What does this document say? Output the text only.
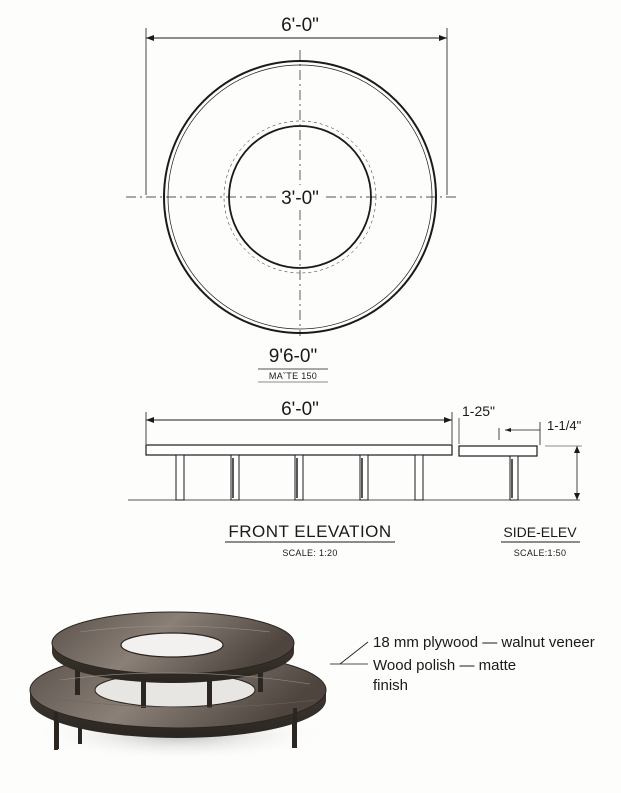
6'-0"
3'-0"
9'6-0"
MAˇTE 150
6'-0"
FRONT ELEVATION
SCALE: 1:20
1-25"
1-1/4"
SIDE-ELEV
SCALE:1:50
18 mm plywood — walnut veneer
Wood polish — matte
finish
